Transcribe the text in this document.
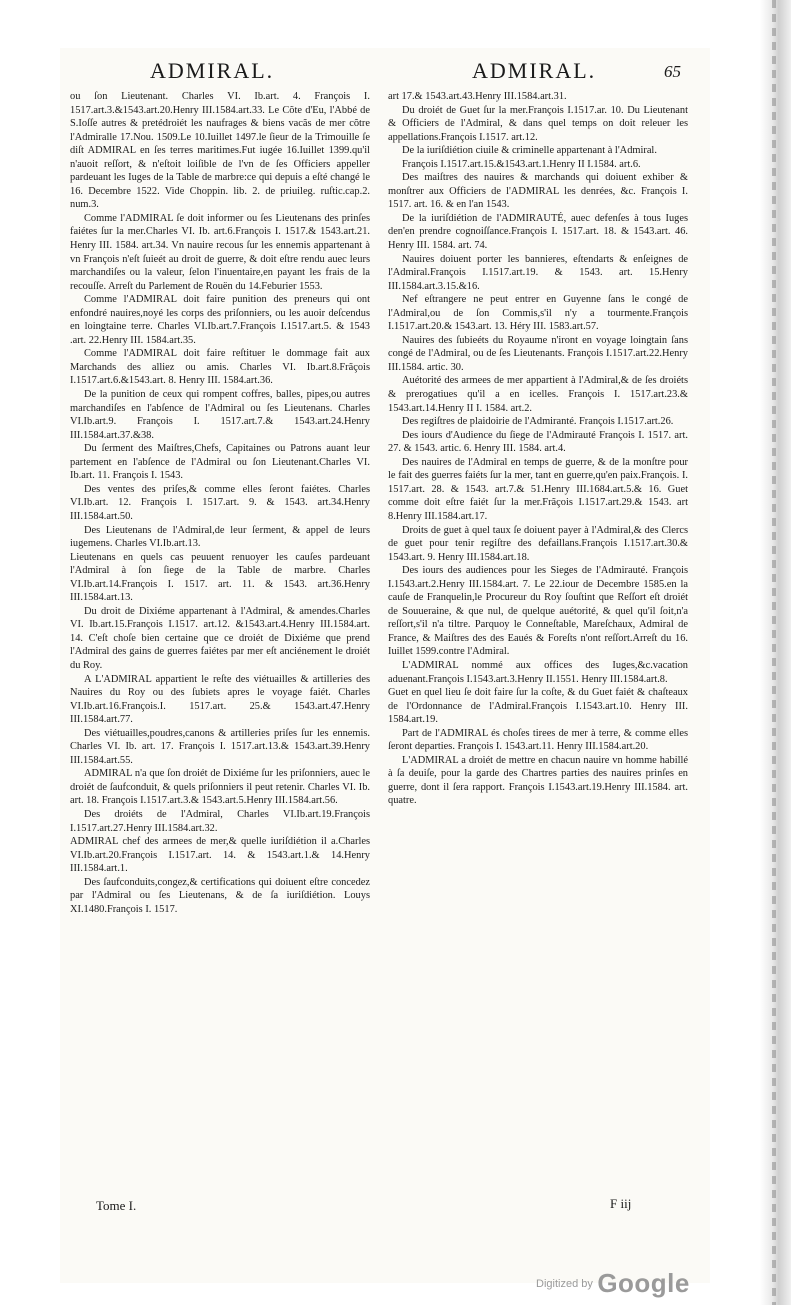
ADMIRAL.	ADMIRAL.	65

ou ſon Lieutenant. Charles VI. Ib.art. 4. François I. 1517.art.3.&1543.art.20.Henry III.1584.art.33. Le Cõte d'Eu, l'Abbé de S.Ioſſe autres & pretédroiét les naufrages & biens vacãs de mer cõtre l'Admiralle 17.Nou. 1509.Le 10.Iuillet 1497.le ſieur de la Trimouille ſe diſt ADMIRAL en ſes terres maritimes.Fut iugée 16.Iuillet 1399.qu'il n'auoit reſſort, & n'eſtoit loiſible de l'vn de ſes Officiers appeller pardeuant les Iuges de la Table de marbre:ce qui depuis a eſté changé le 16. Decembre 1522. Vide Choppin. lib. 2. de priuileg. ruſtic.cap.2. num.3.

Comme l'ADMIRAL ſe doit informer ou ſes Lieutenans des prinſes faiétes ſur la mer.Charles VI. Ib. art.6.François I. 1517.& 1543.art.21. Henry III. 1584. art.34. Vn nauire recous ſur les ennemis appartenant à vn François n'eſt ſuieét au droit de guerre, & doit eſtre rendu auec leurs marchandiſes ou la valeur, ſelon l'inuentaire,en payant les frais de la recouſſe. Arreſt du Parlement de Rouën du 14.Feburier 1553.

Comme l'ADMIRAL doit faire punition des preneurs qui ont enfondré nauires,noyé les corps des priſonniers, ou les auoir deſcendus en loingtaine terre. Charles VI.Ib.art.7.François I.1517.art.5. & 1543 .art. 22.Henry III. 1584.art.35.

Comme l'ADMIRAL doit faire reſtituer le dommage fait aux Marchands des alliez ou amis. Charles VI. Ib.art.8.Frãçois I.1517.art.6.&1543.art. 8. Henry III. 1584.art.36.

De la punition de ceux qui rompent coffres, balles, pipes,ou autres marchandiſes en l'abſence de l'Admiral ou ſes Lieutenans. Charles VI.Ib.art.9. François I. 1517.art.7.& 1543.art.24.Henry III.1584.art.37.&38.

Du ſerment des Maiſtres,Chefs, Capitaines ou Patrons auant leur partement en l'abſence de l'Admiral ou ſon Lieutenant.Charles VI. Ib.art. 11. François I. 1543.

Des ventes des priſes,& comme elles ſeront faiétes. Charles VI.Ib.art. 12. François I. 1517.art. 9. & 1543. art.34.Henry III.1584.art.50.

Des Lieutenans de l'Admiral,de leur ſerment, & appel de leurs iugemens. Charles VI.Ib.art.13.

Lieutenans en quels cas peuuent renuoyer les cauſes pardeuant l'Admiral à ſon ſiege de la Table de marbre. Charles VI.Ib.art.14.François I. 1517. art. 11. & 1543. art.36.Henry III.1584.art.13.

Du droit de Dixiéme appartenant à l'Admiral, & amendes.Charles VI. Ib.art.15.François I.1517. art.12. &1543.art.4.Henry III.1584.art. 14. C'eſt choſe bien certaine que ce droiét de Dixiéme que prend l'Admiral des gains de guerres faiétes par mer eſt anciénement le droiét du Roy.

A L'ADMIRAL appartient le reſte des viétuailles & artilleries des Nauires du Roy ou des ſubiets apres le voyage faiét. Charles VI.Ib.art.16.François.I. 1517.art. 25.& 1543.art.47.Henry III.1584.art.77.

Des viétuailles,poudres,canons & artilleries priſes ſur les ennemis. Charles VI. Ib. art. 17. François I. 1517.art.13.& 1543.art.39.Henry III.1584.art.55.

ADMIRAL n'a que ſon droiét de Dixiéme ſur les priſonniers, auec le droiét de ſaufconduit, & quels priſonniers il peut retenir. Charles VI. Ib. art. 18. François I.1517.art.3.& 1543.art.5.Henry III.1584.art.56.

Des droiéts de l'Admiral, Charles VI.Ib.art.19.François I.1517.art.27.Henry III.1584.art.32.

ADMIRAL chef des armees de mer,& quelle iuriſdiétion il a.Charles VI.Ib.art.20.François I.1517.art. 14. & 1543.art.1.& 14.Henry III.1584.art.1.

Des ſaufconduits,congez,& certifications qui doiuent eſtre concedez par l'Admiral ou ſes Lieutenans, & de ſa iuriſdiétion. Louys XI.1480.François I. 1517.

art 17.& 1543.art.43.Henry III.1584.art.31.

Du droiét de Guet ſur la mer.François I.1517.ar. 10. Du Lieutenant & Officiers de l'Admiral, & dans quel temps on doit releuer les appellations.François I.1517. art.12.

De la iuriſdiétion ciuile & criminelle appartenant à l'Admiral.

François I.1517.art.15.&1543.art.1.Henry II I.1584. art.6.

Des maiſtres des nauires & marchands qui doiuent exhiber & monſtrer aux Officiers de l'ADMIRAL les denrées, &c. François I. 1517. art. 16. & en l'an 1543.

De la iuriſdiétion de l'ADMIRAUTÉ, auec defenſes à tous Iuges den'en prendre cognoiſſance.François I. 1517.art. 18. & 1543.art. 46. Henry III. 1584. art. 74.

Nauires doiuent porter les bannieres, eſtendarts & enſeignes de l'Admiral.François I.1517.art.19. & 1543. art. 15.Henry III.1584.art.3.15.&16.

Nef eſtrangere ne peut entrer en Guyenne ſans le congé de l'Admiral,ou de ſon Commis,s'il n'y a tourmente.François I.1517.art.20.& 1543.art. 13. Héry III. 1583.art.57.

Nauires des ſubieéts du Royaume n'iront en voyage loingtain ſans congé de l'Admiral, ou de ſes Lieutenants. François I.1517.art.22.Henry III.1584. artic. 30.

Auétorité des armees de mer appartient à l'Admiral,& de ſes droiéts & prerogatiues qu'il a en icelles. François I. 1517.art.23.& 1543.art.14.Henry II I. 1584. art.2.

Des regiſtres de plaidoirie de l'Admiranté. François I.1517.art.26.

Des iours d'Audience du ſiege de l'Admirauté François I. 1517. art. 27. & 1543. artic. 6. Henry III. 1584. art.4.

Des nauires de l'Admiral en temps de guerre, & de la monſtre pour le fait des guerres faiéts ſur la mer, tant en guerre,qu'en paix.François. I. 1517.art. 28. & 1543. art.7.& 51.Henry III.1684.art.5.& 16. Guet comme doit eſtre faiét ſur la mer.Frãçois I.1517.art.29.& 1543. art 8.Henry III.1584.art.17.

Droits de guet à quel taux ſe doiuent payer à l'Admiral,& des Clercs de guet pour tenir regiſtre des defaillans.François I.1517.art.30.& 1543.art. 9. Henry III.1584.art.18.

Des iours des audiences pour les Sieges de l'Admirauté. François I.1543.art.2.Henry III.1584.art. 7. Le 22.iour de Decembre 1585.en la cauſe de Franquelin,le Procureur du Roy ſouſtint que Reſſort eſt droiét de Souueraine, & que nul, de quelque auétorité, & quel qu'il ſoit,n'a reſſort,s'il n'a tiltre. Parquoy le Conneſtable, Mareſchaux, Admiral de France, & Maiſtres des des Eaués & Foreſts n'ont reſſort.Arreſt du 16. Iuillet 1599.contre l'Admiral.

L'ADMIRAL nommé aux offices des Iuges,&c.vacation aduenant.François I.1543.art.3.Henry II.1551. Henry III.1584.art.8.

Guet en quel lieu ſe doit faire ſur la coſte, & du Guet faiét & chaſteaux de l'Ordonnance de l'Admiral.François I.1543.art.10. Henry III. 1584.art.19.

Part de l'ADMIRAL és choſes tirees de mer à terre, & comme elles ſeront departies. François I. 1543.art.11. Henry III.1584.art.20.

L'ADMIRAL a droiét de mettre en chacun nauire vn homme habillé à ſa deuiſe, pour la garde des Chartres parties des nauires prinſes en guerre, dont il ſera rapport. François I.1543.art.19.Henry III.1584. art. quatre.

Tome I.	F iij
$^{Digitized by}$ Google
